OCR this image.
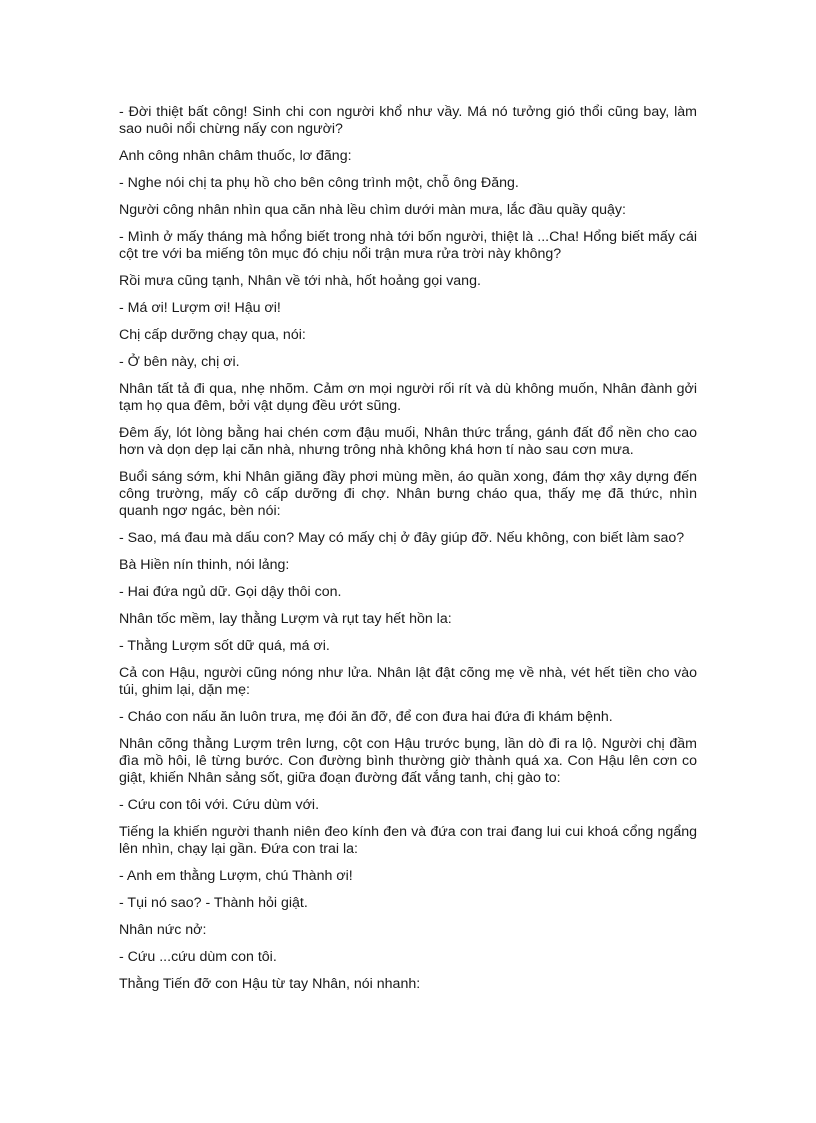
- Đời thiệt bất công! Sinh chi con người khổ như vầy. Má nó tưởng gió thổi cũng bay, làm sao nuôi nổi chừng nấy con người?

Anh công nhân châm thuốc, lơ đãng:

- Nghe nói chị ta phụ hồ cho bên công trình một, chỗ ông Đăng.

Người công nhân nhìn qua căn nhà lều chìm dưới màn mưa, lắc đầu quầy quậy:

- Mình ở mấy tháng mà hổng biết trong nhà tới bốn người, thiệt là ...Cha! Hổng biết mấy cái cột tre với ba miếng tôn mục đó chịu nổi trận mưa rửa trời này không?

Rồi mưa cũng tạnh, Nhân về tới nhà, hốt hoảng gọi vang.

- Má ơi! Lượm ơi! Hậu ơi!

Chị cấp dưỡng chạy qua, nói:

- Ở bên này, chị ơi.

Nhân tất tả đi qua, nhẹ nhõm. Cảm ơn mọi người rối rít và dù không muốn, Nhân đành gởi tạm họ qua đêm, bởi vật dụng đều ướt sũng.

Đêm ấy, lót lòng bằng hai chén cơm đậu muối, Nhân thức trắng, gánh đất đổ nền cho cao hơn và dọn dẹp lại căn nhà, nhưng trông nhà không khá hơn tí nào sau cơn mưa.

Buổi sáng sớm, khi Nhân giăng đầy phơi mùng mền, áo quần xong, đám thợ xây dựng đến công trường, mấy cô cấp dưỡng đi chợ. Nhân bưng cháo qua, thấy mẹ đã thức, nhìn quanh ngơ ngác, bèn nói:

- Sao, má đau mà dấu con? May có mấy chị ở đây giúp đỡ. Nếu không, con biết làm sao?

Bà Hiền nín thinh, nói lảng:

- Hai đứa ngủ dữ. Gọi dậy thôi con.

Nhân tốc mềm, lay thằng Lượm và rụt tay hết hồn la:

- Thằng Lượm sốt dữ quá, má ơi.

Cả con Hậu, người cũng nóng như lửa. Nhân lật đật cõng mẹ về nhà, vét hết tiền cho vào túi, ghim lại, dặn mẹ:

- Cháo con nấu ăn luôn trưa, mẹ đói ăn đỡ, để con đưa hai đứa đi khám bệnh.

Nhân cõng thằng Lượm trên lưng, cột con Hậu trước bụng, lần dò đi ra lộ. Người chị đầm đìa mồ hôi, lê từng bước. Con đường bình thường giờ thành quá xa. Con Hậu lên cơn co giật, khiến Nhân sảng sốt, giữa đoạn đường đất vắng tanh, chị gào to:

- Cứu con tôi với. Cứu dùm với.

Tiếng la khiến người thanh niên đeo kính đen và đứa con trai đang lui cui khoá cổng ngẩng lên nhìn, chạy lại gần. Đứa con trai la:

- Anh em thằng Lượm, chú Thành ơi!

- Tụi nó sao? - Thành hỏi giật.

Nhân nức nở:

- Cứu ...cứu dùm con tôi.

Thằng Tiến đỡ con Hậu từ tay Nhân, nói nhanh:
